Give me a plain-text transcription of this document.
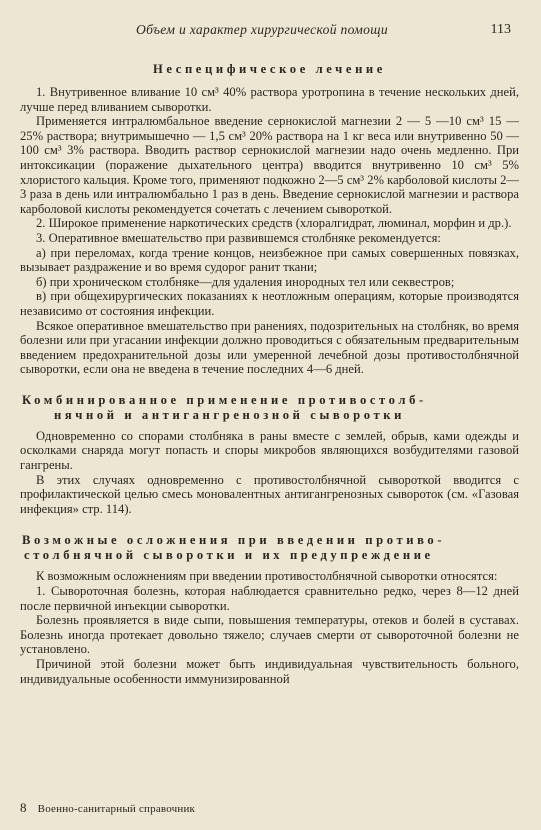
Объем и характер хирургической помощи	113
Неспецифическое лечение

1. Внутривенное вливание 10 см³ 40% раствора уротропина в течение нескольких дней, лучше перед вливанием сыворотки.

Применяется интралюмбальное введение сернокислой магнезии 2 — 5 —10 см³ 15 — 25% раствора; внутримышечно — 1,5 см³ 20% раствора на 1 кг веса или внутривенно 50 — 100 см³ 3% раствора. Вводить раствор сернокислой магнезии надо очень медленно. При интоксикации (поражение дыхательного центра) вводится внутривенно 10 см³ 5% хлористого кальция. Кроме того, применяют подкожно 2—5 см³ 2% карболовой кислоты 2—3 раза в день или интралюмбально 1 раз в день. Введение сернокислой магнезии и раствора карболовой кислоты рекомендуется сочетать с лечением сывороткой.

2. Широкое применение наркотических средств (хлоралгидрат, люминал, морфин и др.).

3. Оперативное вмешательство при развившемся столбняке рекомендуется:

а) при переломах, когда трение концов, неизбежное при самых совершенных повязках, вызывает раздражение и во время судорог ранит ткани;

б) при хроническом столбняке—для удаления инородных тел или секвестров;

в) при общехирургических показаниях к неотложным операциям, которые производятся независимо от состояния инфекции.

Всякое оперативное вмешательство при ранениях, подозрительных на столбняк, во время болезни или при угасании инфекции должно проводиться с обязательным предварительным введением предохранительной дозы или умеренной лечебной дозы противостолбнячной сыворотки, если она не введена в течение последних 4—6 дней.

Комбинированное применение противостолб-
нячной и антигангренозной сыворотки

Одновременно со спорами столбняка в раны вместе с землей, обрыв, ками одежды и осколками снаряда могут попасть и споры микробов являющихся возбудителями газовой гангрены.

В этих случаях одновременно с противостолбнячной сывороткой вводится с профилактической целью смесь моновалентных антигангренозных сывороток (см. «Газовая инфекция» стр. 114).

Возможные осложнения при введении противо-
столбнячной сыворотки и их предупреждение

К возможным осложнениям при введении противостолбнячной сыворотки относятся:

1. Сывороточная болезнь, которая наблюдается сравнительно редко, через 8—12 дней после первичной инъекции сыворотки.

Болезнь проявляется в виде сыпи, повышения температуры, отеков и болей в суставах. Болезнь иногда протекает довольно тяжело; случаев смерти от сывороточной болезни не установлено.

Причиной этой болезни может быть индивидуальная чувствительность больного, индивидуальные особенности иммунизированной

8 Военно-санитарный справочник
